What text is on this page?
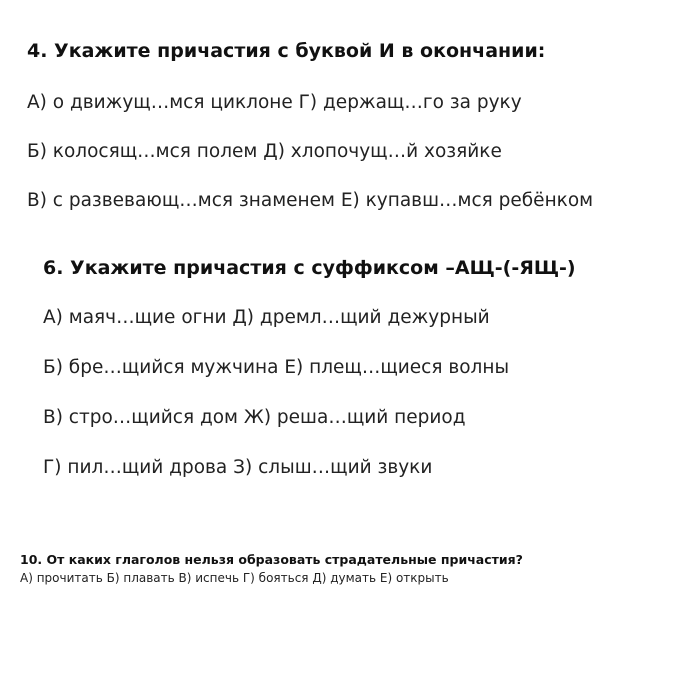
4. Укажите причастия с буквой И в окончании:

А) о движущ…мся циклоне Г) держащ…го за руку

Б) колосящ…мся полем Д) хлопочущ…й хозяйке

В) с развевающ…мся знаменем Е) купавш…мся ребёнком

6. Укажите причастия с суффиксом –АЩ-(-ЯЩ-)

А) маяч…щие огни Д) дремл…щий дежурный

Б) бре…щийся мужчина Е) плещ…щиеся волны

В) стро…щийся дом Ж) реша…щий период

Г) пил…щий дрова З) слыш…щий звуки

10. От каких глаголов нельзя образовать страдательные причастия?

А) прочитать Б) плавать В) испечь Г) бояться Д) думать Е) открыть
